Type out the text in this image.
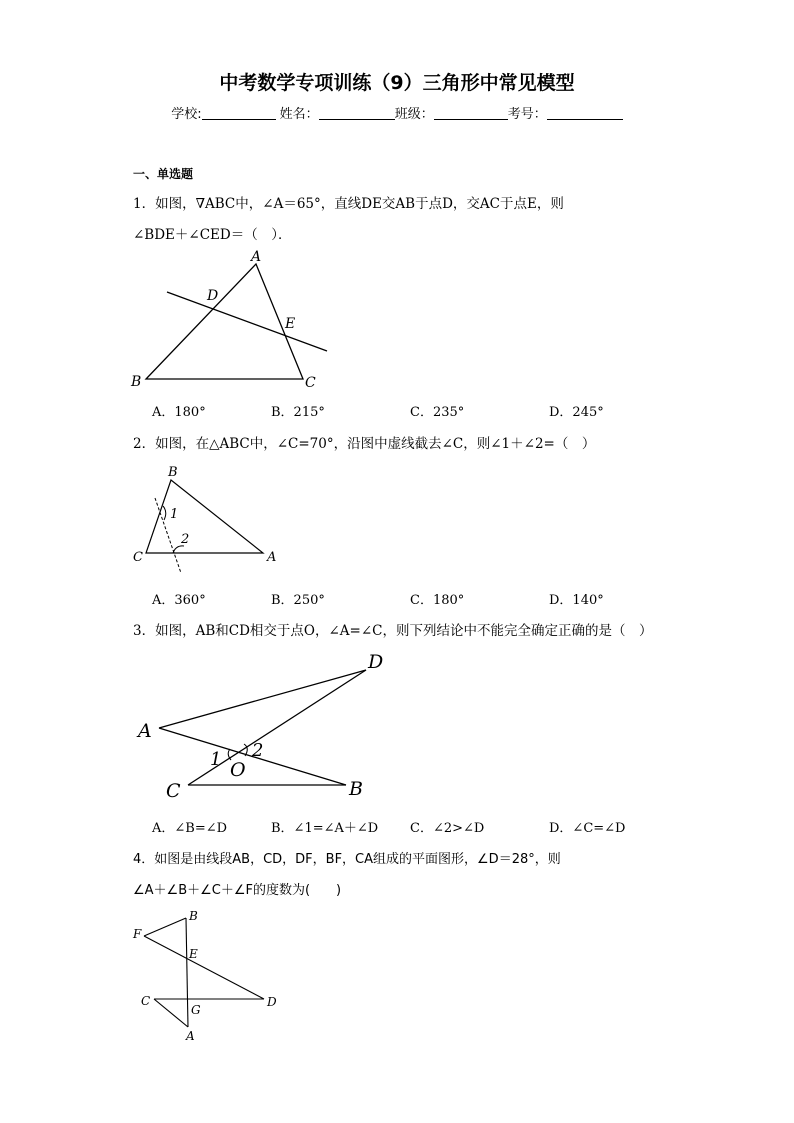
中考数学专项训练（9）三角形中常见模型
学校:	姓名：	班级：	考号：
一、单选题
1．如图，∇ABC中，∠A＝65°，直线DE交AB于点D，交AC于点E，则
∠BDE＋∠CED＝（　）．
A
D
E
B	C
A．180°	B．215°	C．235°	D．245°
2．如图，在△ABC中，∠C=70°，沿图中虚线截去∠C，则∠1＋∠2=（　）
B
1
2
C	A
A．360°	B．250°	C．180°	D．140°
3．如图，AB和CD相交于点O，∠A=∠C，则下列结论中不能完全确定正确的是（　）
D
A
1 2
O
C	B
A．∠B=∠D	B．∠1=∠A＋∠D C．∠2>∠D	D．∠C=∠D
4．如图是由线段AB，CD，DF，BF，CA组成的平面图形，∠D＝28°，则
∠A＋∠B＋∠C＋∠F的度数为(　　)
B
F
E
C
G
D
A
